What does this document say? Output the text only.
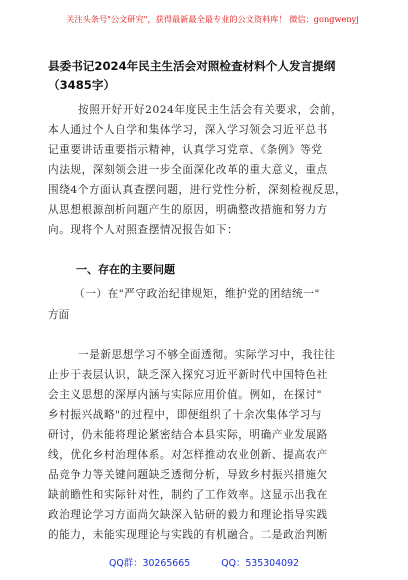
关注头条号"公文研究"，获得最新最全最专业的公文资料库！ 微信：gongwenyj
县委书记2024年民主生活会对照检查材料个人发言提纲
（3485字）
按照开好开好2024年度民主生活会有关要求，会前，
本人通过个人自学和集体学习，深入学习领会习近平总书
记重要讲话重要指示精神，认真学习党章、《条例》等党
内法规，深刻领会进一步全面深化改革的重大意义，重点
围绕4个方面认真查摆问题，进行党性分析，深刻检视反思，
从思想根源剖析问题产生的原因，明确整改措施和努力方
向。现将个人对照查摆情况报告如下：
一、存在的主要问题
（一）在"严守政治纪律规矩，维护党的团结统一"
方面
一是新思想学习不够全面透彻。实际学习中，我往往
止步于表层认识，缺乏深入探究习近平新时代中国特色社
会主义思想的深厚内涵与实际应用价值。例如，在探讨"
乡村振兴战略"的过程中，即便组织了十余次集体学习与
研讨，仍未能将理论紧密结合本县实际，明确产业发展路
线，优化乡村治理体系。对怎样推动农业创新、提高农产
品竞争力等关键问题缺乏透彻分析，导致乡村振兴措施欠
缺前瞻性和实际针对性，制约了工作效率。这显示出我在
政治理论学习方面尚欠缺深入钻研的毅力和理论指导实践
的能力，未能实现理论与实践的有机融合。二是政治判断
QQ群：30265665	QQ：535304092
